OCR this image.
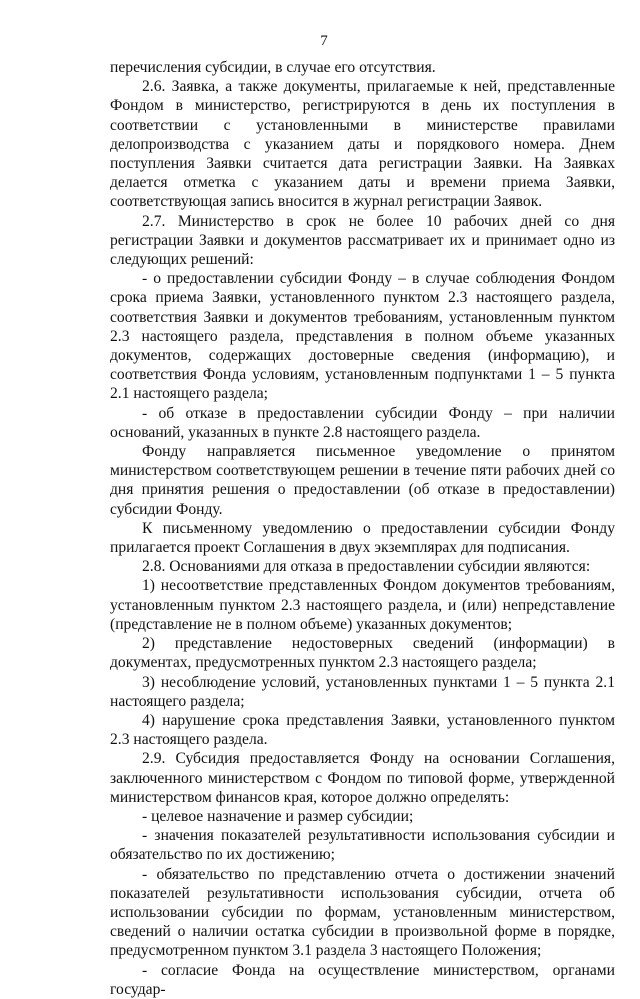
7

перечисления субсидии, в случае его отсутствия.

2.6. Заявка, а также документы, прилагаемые к ней, представленные Фондом в министерство, регистрируются в день их поступления в соответствии с установленными в министерстве правилами делопроизводства с указанием даты и порядкового номера. Днем поступления Заявки считается дата регистрации Заявки. На Заявках делается отметка с указанием даты и времени приема Заявки, соответствующая запись вносится в журнал регистрации Заявок.

2.7. Министерство в срок не более 10 рабочих дней со дня регистрации Заявки и документов рассматривает их и принимает одно из следующих решений:

- о предоставлении субсидии Фонду – в случае соблюдения Фондом срока приема Заявки, установленного пунктом 2.3 настоящего раздела, соответствия Заявки и документов требованиям, установленным пунктом 2.3 настоящего раздела, представления в полном объеме указанных документов, содержащих достоверные сведения (информацию), и соответствия Фонда условиям, установленным подпунктами 1 – 5 пункта 2.1 настоящего раздела;

- об отказе в предоставлении субсидии Фонду – при наличии оснований, указанных в пункте 2.8 настоящего раздела.

Фонду направляется письменное уведомление о принятом министерством соответствующем решении в течение пяти рабочих дней со дня принятия решения о предоставлении (об отказе в предоставлении) субсидии Фонду.

К письменному уведомлению о предоставлении субсидии Фонду прилагается проект Соглашения в двух экземплярах для подписания.

2.8. Основаниями для отказа в предоставлении субсидии являются:

1) несоответствие представленных Фондом документов требованиям, установленным пунктом 2.3 настоящего раздела, и (или) непредставление (представление не в полном объеме) указанных документов;

2) представление недостоверных сведений (информации) в документах, предусмотренных пунктом 2.3 настоящего раздела;

3) несоблюдение условий, установленных пунктами 1 – 5 пункта 2.1 настоящего раздела;

4) нарушение срока представления Заявки, установленного пунктом 2.3 настоящего раздела.

2.9. Субсидия предоставляется Фонду на основании Соглашения, заключенного министерством с Фондом по типовой форме, утвержденной министерством финансов края, которое должно определять:

- целевое назначение и размер субсидии;

- значения показателей результативности использования субсидии и обязательство по их достижению;

- обязательство по представлению отчета о достижении значений показателей результативности использования субсидии, отчета об использовании субсидии по формам, установленным министерством, сведений о наличии остатка субсидии в произвольной форме в порядке, предусмотренном пунктом 3.1 раздела 3 настоящего Положения;

- согласие Фонда на осуществление министерством, органами государ-
